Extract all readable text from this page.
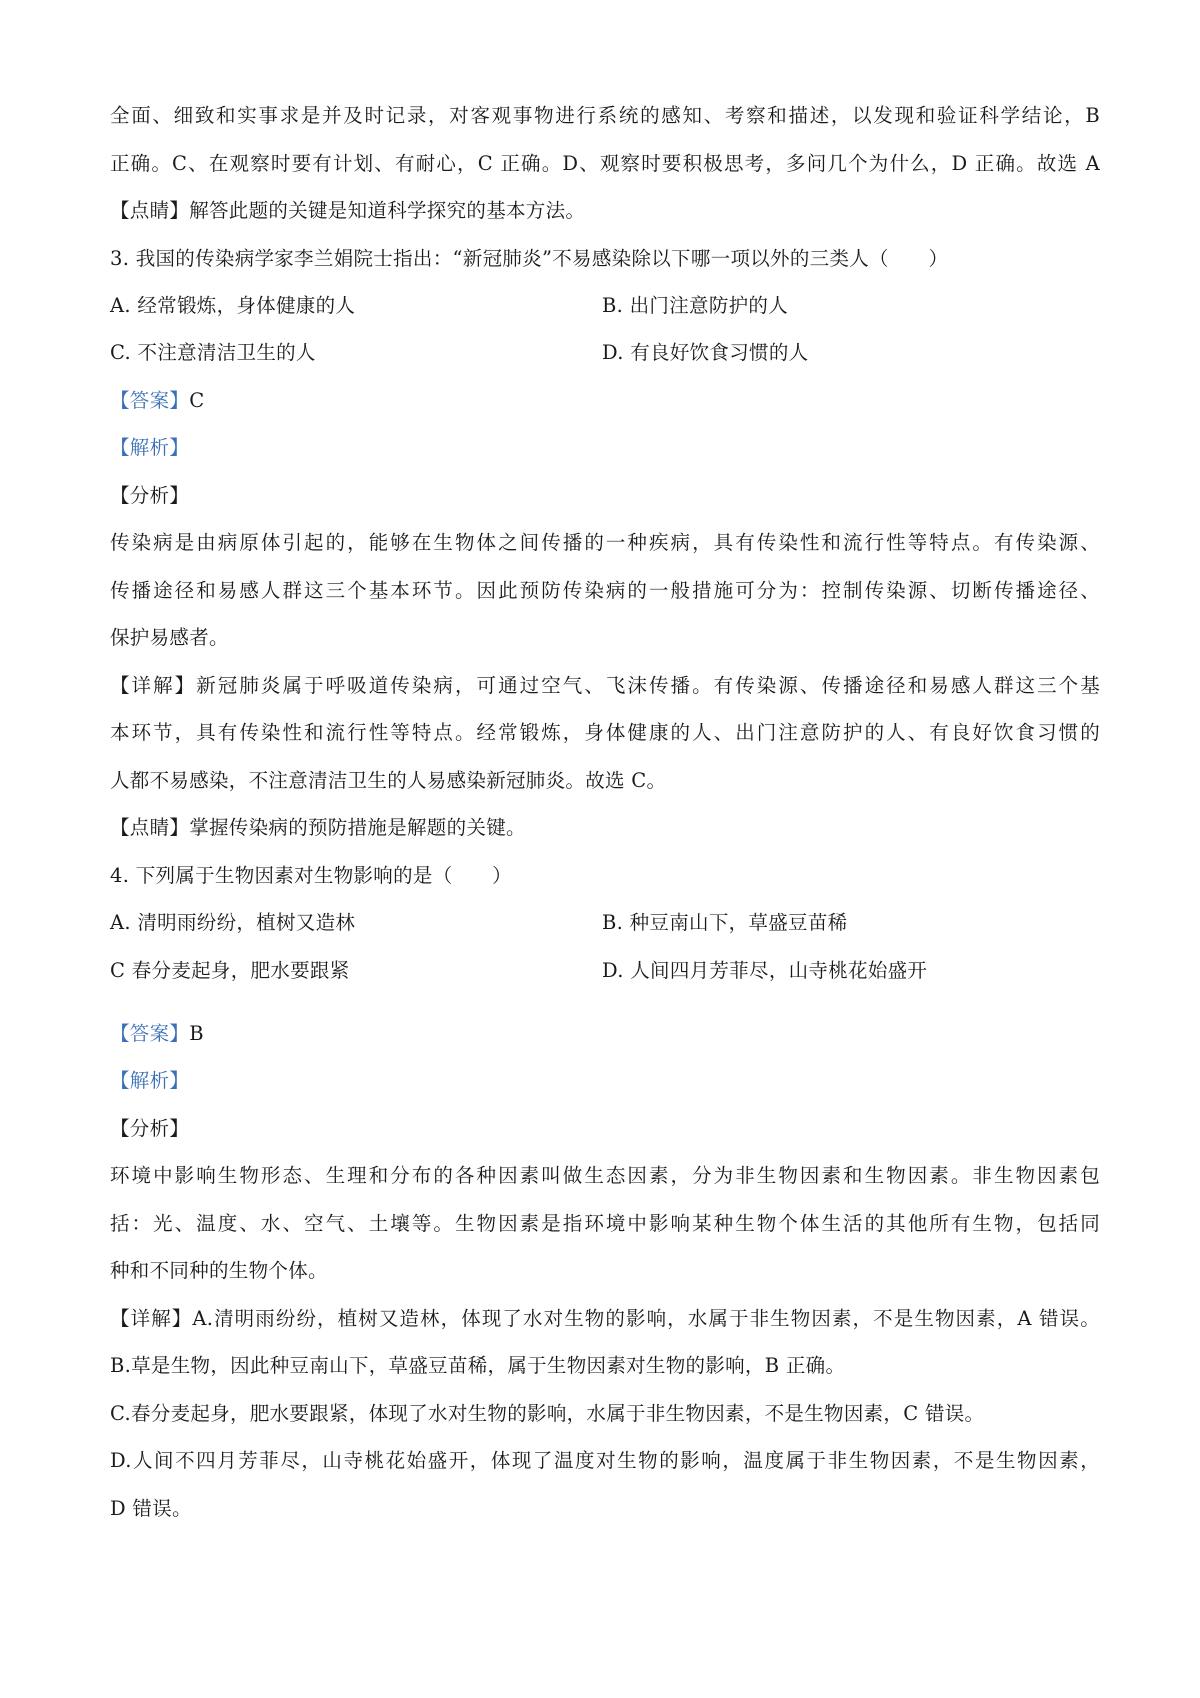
全面、细致和实事求是并及时记录，对客观事物进行系统的感知、考察和描述，以发现和验证科学结论，B
正确。C、在观察时要有计划、有耐心，C 正确。D、观察时要积极思考，多问几个为什么，D 正确。故选 A
【点睛】解答此题的关键是知道科学探究的基本方法。
3. 我国的传染病学家李兰娟院士指出：“新冠肺炎”不易感染除以下哪一项以外的三类人（　　）
A. 经常锻炼，身体健康的人	B. 出门注意防护的人
C. 不注意清洁卫生的人	D. 有良好饮食习惯的人
【答案】C
【解析】
【分析】
传染病是由病原体引起的，能够在生物体之间传播的一种疾病，具有传染性和流行性等特点。有传染源、
传播途径和易感人群这三个基本环节。因此预防传染病的一般措施可分为：控制传染源、切断传播途径、
保护易感者。
【详解】新冠肺炎属于呼吸道传染病，可通过空气、飞沫传播。有传染源、传播途径和易感人群这三个基
本环节，具有传染性和流行性等特点。经常锻炼，身体健康的人、出门注意防护的人、有良好饮食习惯的
人都不易感染，不注意清洁卫生的人易感染新冠肺炎。故选 C。
【点睛】掌握传染病的预防措施是解题的关键。
4. 下列属于生物因素对生物影响的是（　　）
A. 清明雨纷纷，植树又造林	B. 种豆南山下，草盛豆苗稀
C 春分麦起身，肥水要跟紧	D. 人间四月芳菲尽，山寺桃花始盛开
【答案】B
【解析】
【分析】
环境中影响生物形态、生理和分布的各种因素叫做生态因素，分为非生物因素和生物因素。非生物因素包
括：光、温度、水、空气、土壤等。生物因素是指环境中影响某种生物个体生活的其他所有生物，包括同
种和不同种的生物个体。
【详解】A.清明雨纷纷，植树又造林，体现了水对生物的影响，水属于非生物因素，不是生物因素，A 错误。
B.草是生物，因此种豆南山下，草盛豆苗稀，属于生物因素对生物的影响，B 正确。
C.春分麦起身，肥水要跟紧，体现了水对生物的影响，水属于非生物因素，不是生物因素，C 错误。
D.人间不四月芳菲尽，山寺桃花始盛开，体现了温度对生物的影响，温度属于非生物因素，不是生物因素，
D 错误。
